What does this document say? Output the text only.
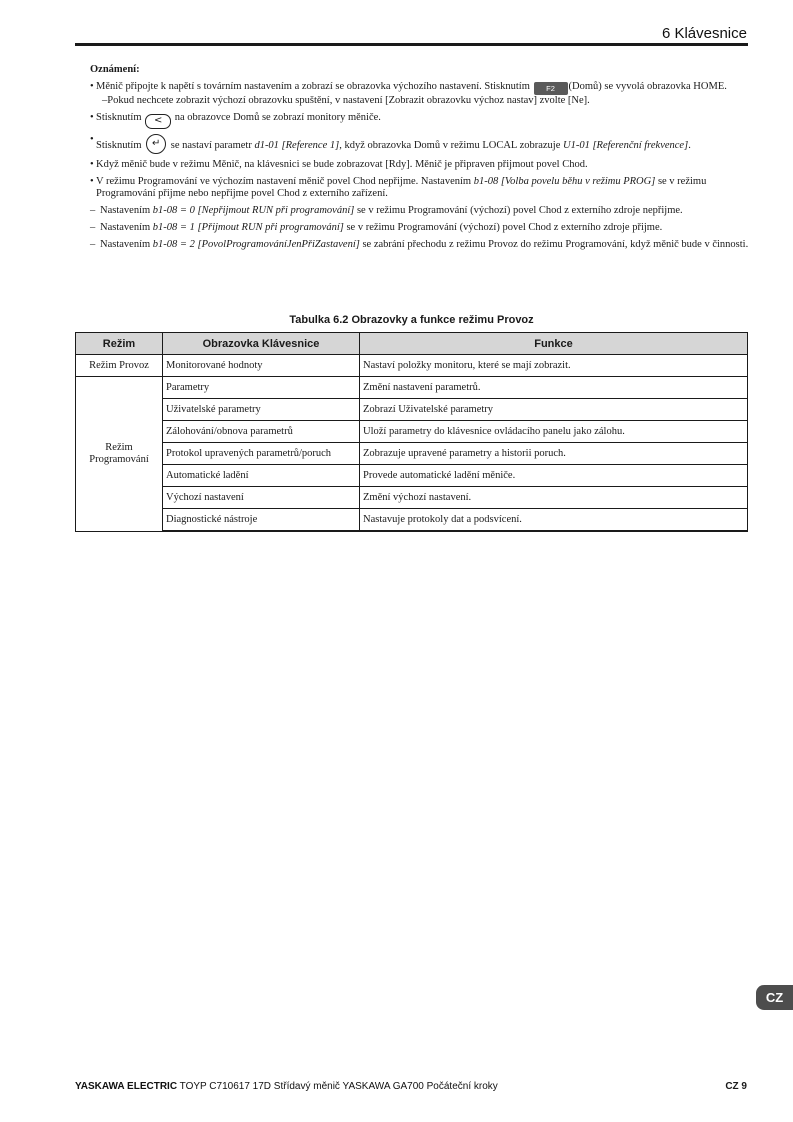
6 Klávesnice
Oznámení:
• Měnič připojte k napětí s továrním nastavením a zobrazí se obrazovka výchozího nastavení. Stisknutím F2 (Domů) se vyvolá obrazovka HOME.
–Pokud nechcete zobrazit výchozí obrazovku spuštění, v nastavení [Zobrazit obrazovku výchoz nastav] zvolte [Ne].
• Stisknutím < na obrazovce Domů se zobrazí monitory měniče.
• Stisknutím ↵ se nastaví parametr d1-01 [Reference 1], když obrazovka Domů v režimu LOCAL zobrazuje U1-01 [Referenční frekvence].
• Když měnič bude v režimu Měnič, na klávesnici se bude zobrazovat [Rdy]. Měnič je připraven přijmout povel Chod.
• V režimu Programování ve výchozím nastavení měnič povel Chod nepřijme. Nastavením b1-08 [Volba povelu běhu v režimu PROG] se v režimu Programování přijme nebo nepřijme povel Chod z externího zařízení.
– Nastavením b1-08 = 0 [Nepřijmout RUN při programování] se v režimu Programování (výchozí) povel Chod z externího zdroje nepřijme.
– Nastavením b1-08 = 1 [Přijmout RUN při programování] se v režimu Programování (výchozí) povel Chod z externího zdroje přijme.
– Nastavením b1-08 = 2 [PovolProgramováníJenPřiZastavení] se zabrání přechodu z režimu Provoz do režimu Programování, když měnič bude v činnosti.
Tabulka 6.2 Obrazovky a funkce režimu Provoz
Režim	Obrazovka Klávesnice	Funkce
Režim Provoz	Monitorované hodnoty	Nastaví položky monitoru, které se mají zobrazit.
Režim
Programování	Parametry	Změní nastavení parametrů.
	Uživatelské parametry	Zobrazí Uživatelské parametry
	Zálohování/obnova parametrů	Uloží parametry do klávesnice ovládacího panelu jako zálohu.
	Protokol upravených parametrů/poruch	Zobrazuje upravené parametry a historii poruch.
	Automatické ladění	Provede automatické ladění měniče.
	Výchozí nastavení	Změní výchozí nastavení.
	Diagnostické nástroje	Nastavuje protokoly dat a podsvícení.
CZ
YASKAWA ELECTRIC TOYP C710617 17D Střídavý měnič YASKAWA GA700 Počáteční kroky	CZ 9
